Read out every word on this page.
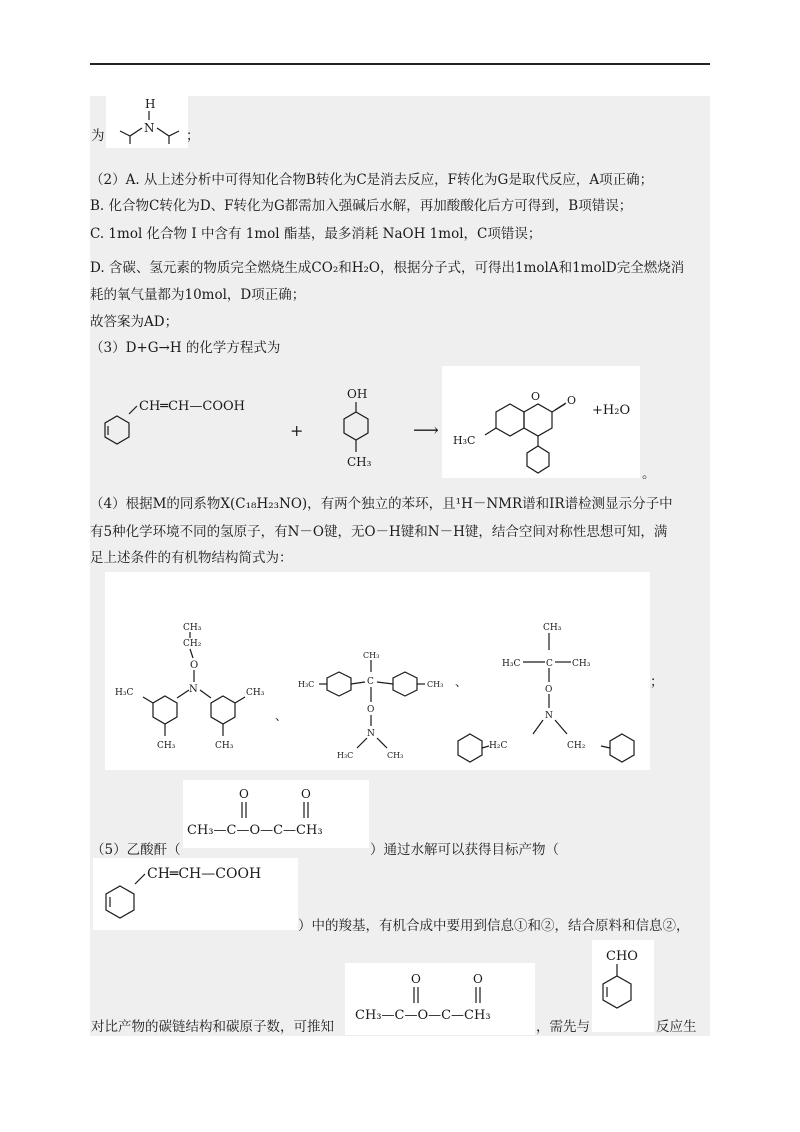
为
H
N ；
（2）A. 从上述分析中可得知化合物B转化为C是消去反应，F转化为G是取代反应，A项正确；
B. 化合物C转化为D、F转化为G都需加入强碱后水解，再加酸酸化后方可得到，B项错误；
C. 1mol 化合物 I 中含有 1mol 酯基，最多消耗 NaOH 1mol，C项错误；
D. 含碳、氢元素的物质完全燃烧生成CO₂和H₂O，根据分子式，可得出1molA和1molD完全燃烧消
耗的氧气量都为10mol，D项正确；
故答案为AD；
（3）D+G→H 的化学方程式为
CH═CH—COOH
+
OH
CH₃
⟶
O O
H₃C
+H₂O
。
（4）根据M的同系物X(C₁₈H₂₃NO)，有两个独立的苯环，且¹H－NMR谱和IR谱检测显示分子中
有5种化学环境不同的氢原子，有N－O键，无O－H键和N－H键，结合空间对称性思想可知，满
足上述条件的有机物结构简式为：
CH₃
CH₂
O
N
H₃C
CH₃
CH₃
CH₃
、
CH₃
C
H₃C	CH₃
O
N
H₃C	CH₃
、
CH₃
H₃C	C CH₃
O
N
H₂C	CH₂
；
（5）乙酸酐（
O	O
CH₃—C—O—C—CH₃
）通过水解可以获得目标产物（
CH═CH—COOH
）中的羧基，有机合成中要用到信息①和②，结合原料和信息②，
对比产物的碳链结构和碳原子数，可推知
O	O
CH₃—C—O—C—CH₃
，需先与
CHO
反应生
